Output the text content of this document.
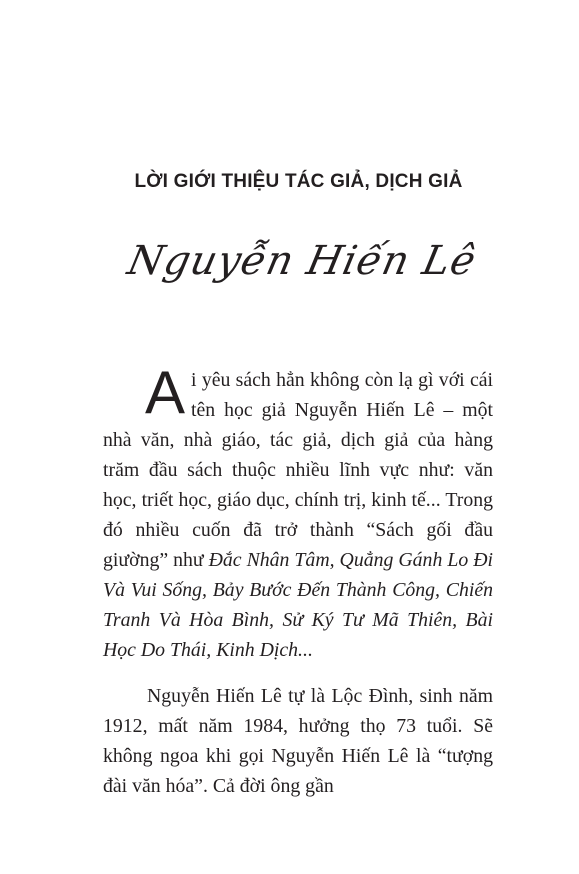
LỜI GIỚI THIỆU TÁC GIẢ, DỊCH GIẢ
Nguyễn Hiến Lê

Ai yêu sách hẳn không còn lạ gì với cái tên học giả Nguyễn Hiến Lê – một nhà văn, nhà giáo, tác giả, dịch giả của hàng trăm đầu sách thuộc nhiều lĩnh vực như: văn học, triết học, giáo dục, chính trị, kinh tế... Trong đó nhiều cuốn đã trở thành “Sách gối đầu giường” như Đắc Nhân Tâm, Quẳng Gánh Lo Đi Và Vui Sống, Bảy Bước Đến Thành Công, Chiến Tranh Và Hòa Bình, Sử Ký Tư Mã Thiên, Bài Học Do Thái, Kinh Dịch...

Nguyễn Hiến Lê tự là Lộc Đình, sinh năm 1912, mất năm 1984, hưởng thọ 73 tuổi. Sẽ không ngoa khi gọi Nguyễn Hiến Lê là “tượng đài văn hóa”. Cả đời ông gần
